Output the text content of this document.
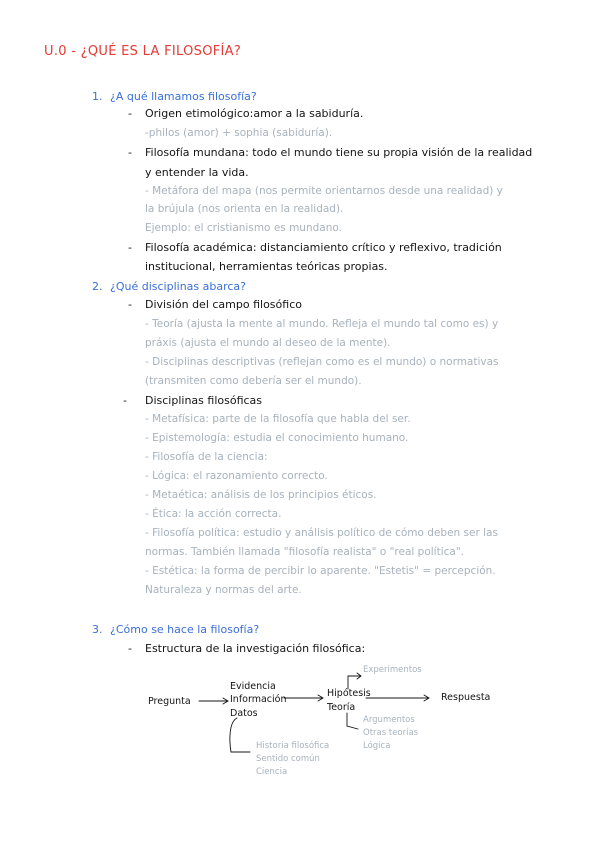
U.0 - ¿QUÉ ES LA FILOSOFÍA?
1. ¿A qué llamamos filosofía?
- Origen etimológico:amor a la sabiduría.
-philos (amor) + sophia (sabiduría).
- Filosofía mundana: todo el mundo tiene su propia visión de la realidad
y entender la vida.
- Metáfora del mapa (nos permite orientarnos desde una realidad) y
la brújula (nos orienta en la realidad).
Ejemplo: el cristianismo es mundano.
- Filosofía académica: distanciamiento crítico y reflexivo, tradición
institucional, herramientas teóricas propias.
2. ¿Qué disciplinas abarca?
- División del campo filosófico
- Teoría (ajusta la mente al mundo. Refleja el mundo tal como es) y
práxis (ajusta el mundo al deseo de la mente).
- Disciplinas descriptivas (reflejan como es el mundo) o normativas
(transmiten como debería ser el mundo).
- Disciplinas filosóficas
- Metafísica: parte de la filosofía que habla del ser.
- Epistemología: estudia el conocimiento humano.
- Filosofía de la ciencia:
- Lógica: el razonamiento correcto.
- Metaética: análisis de los principios éticos.
- Ética: la acción correcta.
- Filosofía política: estudio y análisis político de cómo deben ser las
normas. También llamada "filosofía realista" o "real política".
- Estética: la forma de percibir lo aparente. "Estetis" = percepción.
Naturaleza y normas del arte.
3. ¿Cómo se hace la filosofía?
- Estructura de la investigación filosófica:
Pregunta
Evidencia
Información
Datos
Hipótesis
Teoría
Experimentos
Respuesta
Argumentos
Otras teorías
Lógica
Historia filosófica
Sentido común
Ciencia
